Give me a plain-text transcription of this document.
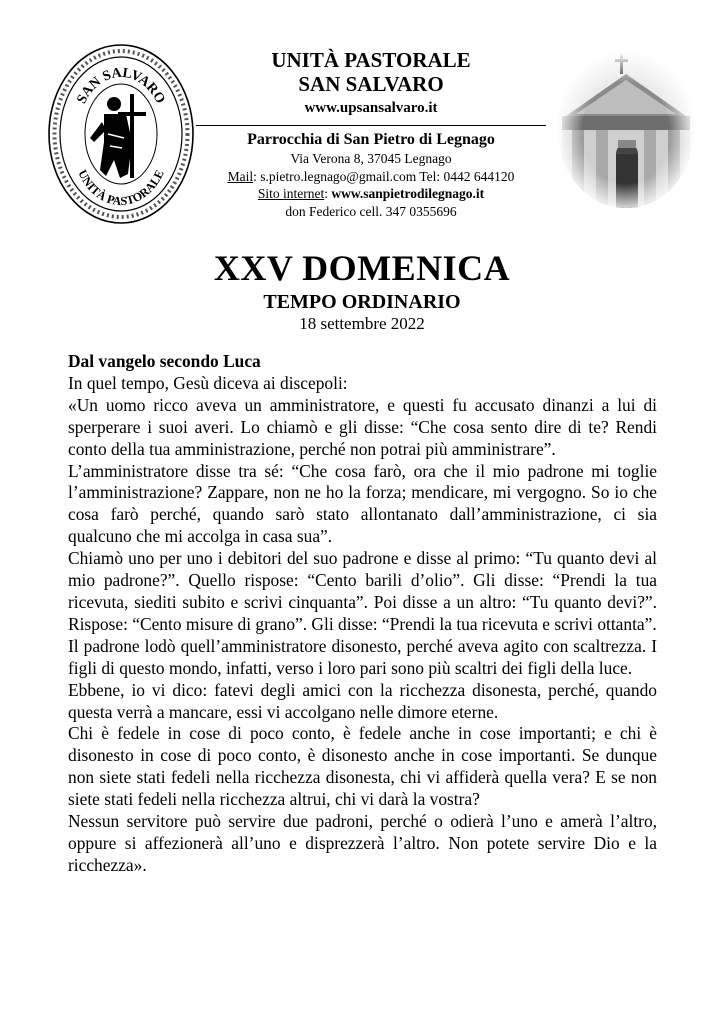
SAN SALVARO
UNITÀ PASTORALE
UNITÀ PASTORALE
SAN SALVARO
www.upsansalvaro.it
Parrocchia di San Pietro di Legnago
Via Verona 8, 37045 Legnago
Mail: s.pietro.legnago@gmail.com Tel: 0442 644120
Sito internet: www.sanpietrodilegnago.it
don Federico cell. 347 0355696
XXV DOMENICA
TEMPO ORDINARIO
18 settembre 2022

Dal vangelo secondo Luca

In quel tempo, Gesù diceva ai discepoli:

«Un uomo ricco aveva un amministratore, e questi fu accusato dinanzi a lui di sperperare i suoi averi. Lo chiamò e gli disse: “Che cosa sento dire di te? Rendi conto della tua amministrazione, perché non potrai più amministrare”.

L’amministratore disse tra sé: “Che cosa farò, ora che il mio padrone mi toglie l’amministrazione? Zappare, non ne ho la forza; mendicare, mi vergogno. So io che cosa farò perché, quando sarò stato allontanato dall’amministrazione, ci sia qualcuno che mi accolga in casa sua”.

Chiamò uno per uno i debitori del suo padrone e disse al primo: “Tu quanto devi al mio padrone?”. Quello rispose: “Cento barili d’olio”. Gli disse: “Prendi la tua ricevuta, siediti subito e scrivi cinquanta”. Poi disse a un altro: “Tu quanto devi?”. Rispose: “Cento misure di grano”. Gli disse: “Prendi la tua ricevuta e scrivi ottanta”.

Il padrone lodò quell’amministratore disonesto, perché aveva agito con scaltrezza. I figli di questo mondo, infatti, verso i loro pari sono più scaltri dei figli della luce.

Ebbene, io vi dico: fatevi degli amici con la ricchezza disonesta, perché, quando questa verrà a mancare, essi vi accolgano nelle dimore eterne.

Chi è fedele in cose di poco conto, è fedele anche in cose importanti; e chi è disonesto in cose di poco conto, è disonesto anche in cose importanti. Se dunque non siete stati fedeli nella ricchezza disonesta, chi vi affiderà quella vera? E se non siete stati fedeli nella ricchezza altrui, chi vi darà la vostra?

Nessun servitore può servire due padroni, perché o odierà l’uno e amerà l’altro, oppure si affezionerà all’uno e disprezzerà l’altro. Non potete servire Dio e la ricchezza».
